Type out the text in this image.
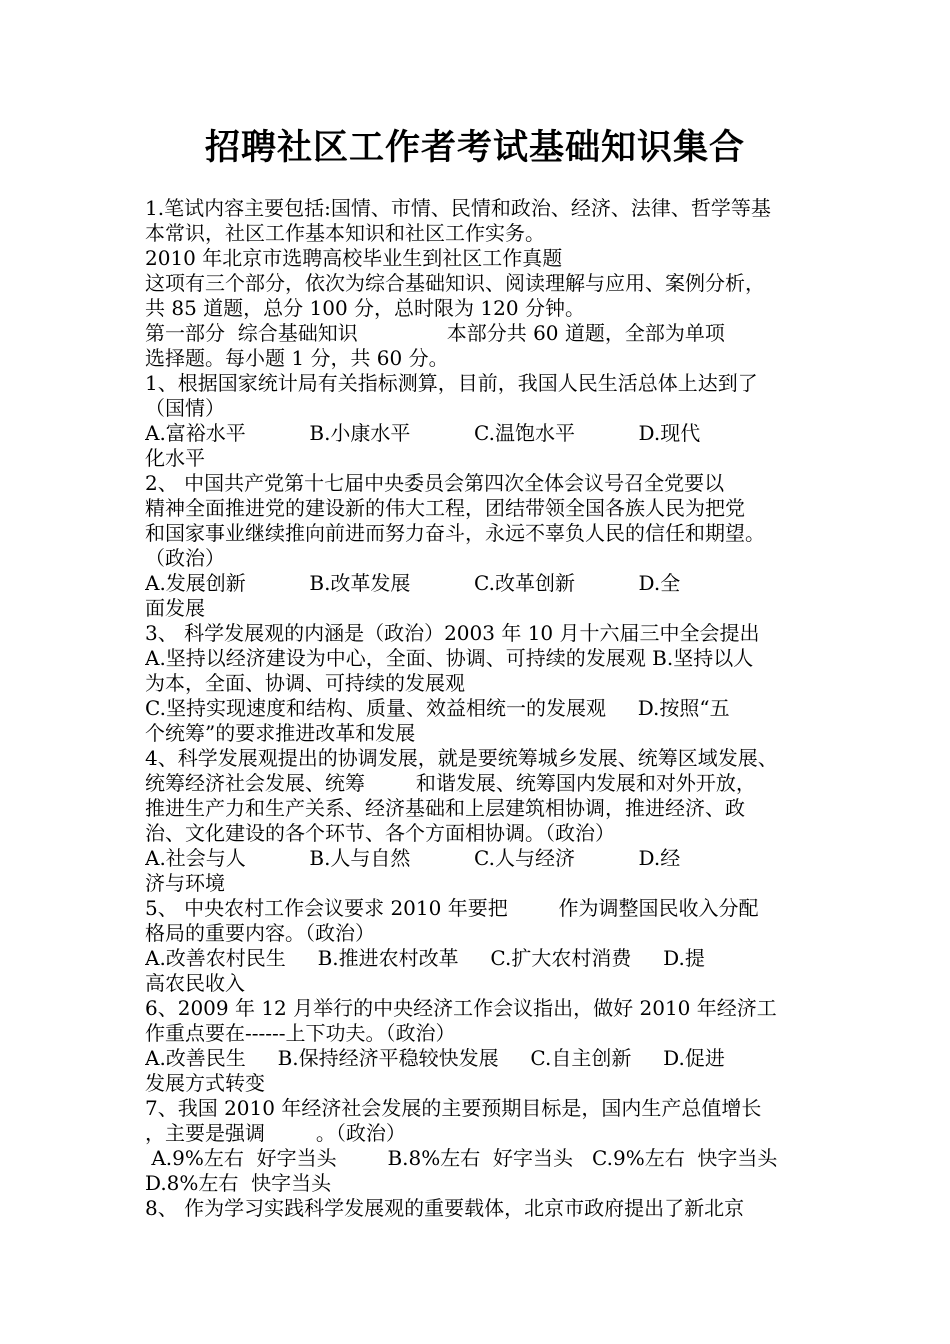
招聘社区工作者考试基础知识集合
1.笔试内容主要包括:国情、市情、民情和政治、经济、法律、哲学等基
本常识，社区工作基本知识和社区工作实务。
2010 年北京市选聘高校毕业生到社区工作真题
这项有三个部分，依次为综合基础知识、阅读理解与应用、案例分析，
共 85 道题，总分 100 分，总时限为 120 分钟。
第一部分  综合基础知识              本部分共 60 道题，全部为单项
选择题。每小题 1 分，共 60 分。
1、根据国家统计局有关指标测算，目前，我国人民生活总体上达到了
（国情）
A.富裕水平          B.小康水平          C.温饱水平          D.现代
化水平
2、 中国共产党第十七届中央委员会第四次全体会议号召全党要以
精神全面推进党的建设新的伟大工程，团结带领全国各族人民为把党
和国家事业继续推向前进而努力奋斗，永远不辜负人民的信任和期望。
（政治）
A.发展创新          B.改革发展          C.改革创新          D.全
面发展
3、 科学发展观的内涵是（政治）2003 年 10 月十六届三中全会提出
A.坚持以经济建设为中心，全面、协调、可持续的发展观 B.坚持以人
为本，全面、协调、可持续的发展观
C.坚持实现速度和结构、质量、效益相统一的发展观     D.按照“五
个统筹”的要求推进改革和发展
4、科学发展观提出的协调发展，就是要统筹城乡发展、统筹区域发展、
统筹经济社会发展、统筹        和谐发展、统筹国内发展和对外开放，
推进生产力和生产关系、经济基础和上层建筑相协调，推进经济、政
治、文化建设的各个环节、各个方面相协调。（政治）
A.社会与人          B.人与自然          C.人与经济          D.经
济与环境
5、 中央农村工作会议要求 2010 年要把        作为调整国民收入分配
格局的重要内容。（政治）
A.改善农村民生     B.推进农村改革     C.扩大农村消费     D.提
高农民收入
6、2009 年 12 月举行的中央经济工作会议指出，做好 2010 年经济工
作重点要在------上下功夫。（政治）
A.改善民生     B.保持经济平稳较快发展     C.自主创新     D.促进
发展方式转变
7、我国 2010 年经济社会发展的主要预期目标是，国内生产总值增长
，主要是强调        。（政治）
A.9%左右  好字当头        B.8%左右  好字当头   C.9%左右  快字当头
D.8%左右  快字当头
8、 作为学习实践科学发展观的重要载体，北京市政府提出了新北京
